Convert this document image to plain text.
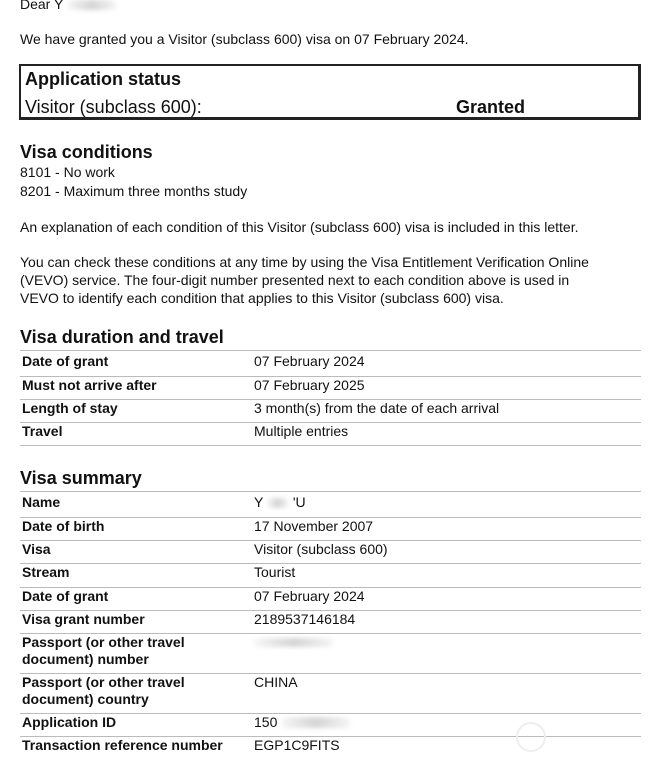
Dear Y
We have granted you a Visitor (subclass 600) visa on 07 February 2024.
Application status
Visitor (subclass 600):	Granted
Visa conditions
8101 - No work
8201 - Maximum three months study
An explanation of each condition of this Visitor (subclass 600) visa is included in this letter.
You can check these conditions at any time by using the Visa Entitlement Verification Online
(VEVO) service. The four-digit number presented next to each condition above is used in
VEVO to identify each condition that applies to this Visitor (subclass 600) visa.
Visa duration and travel
Date of grant	07 February 2024
Must not arrive after	07 February 2025
Length of stay	3 month(s) from the date of each arrival
Travel	Multiple entries
Visa summary
Name	Y 'U
Date of birth	17 November 2007
Visa	Visitor (subclass 600)
Stream	Tourist
Date of grant	07 February 2024
Visa grant number	2189537146184

Passport (or other travel
document) number	

Passport (or other travel
document) country	CHINA
Application ID	150
Transaction reference number	EGP1C9FITS
